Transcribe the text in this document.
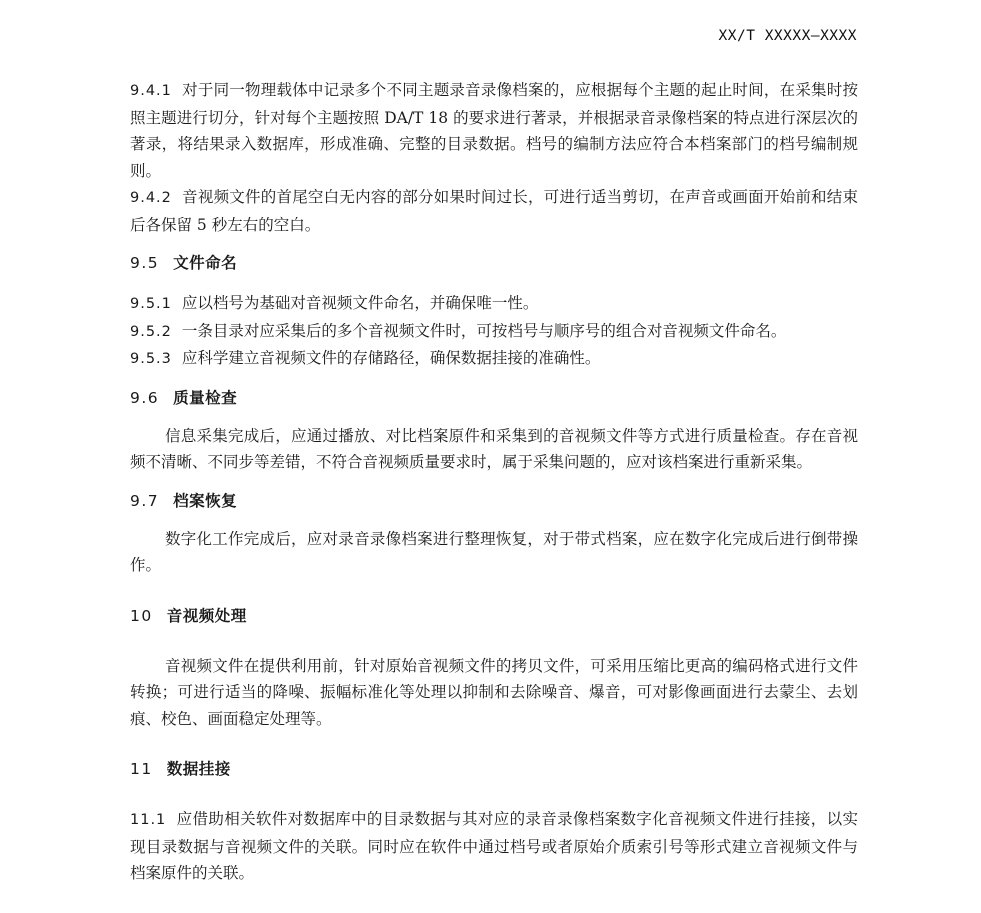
XX/T XXXXX—XXXX

9.4.1 对于同一物理载体中记录多个不同主题录音录像档案的，应根据每个主题的起止时间，在采集时按照主题进行切分，针对每个主题按照 DA/T 18 的要求进行著录，并根据录音录像档案的特点进行深层次的著录，将结果录入数据库，形成准确、完整的目录数据。档号的编制方法应符合本档案部门的档号编制规则。

9.4.2 音视频文件的首尾空白无内容的部分如果时间过长，可进行适当剪切，在声音或画面开始前和结束后各保留 5 秒左右的空白。

9.5 文件命名

9.5.1 应以档号为基础对音视频文件命名，并确保唯一性。

9.5.2 一条目录对应采集后的多个音视频文件时，可按档号与顺序号的组合对音视频文件命名。

9.5.3 应科学建立音视频文件的存储路径，确保数据挂接的准确性。

9.6 质量检查

信息采集完成后，应通过播放、对比档案原件和采集到的音视频文件等方式进行质量检查。存在音视频不清晰、不同步等差错，不符合音视频质量要求时，属于采集问题的，应对该档案进行重新采集。

9.7 档案恢复

数字化工作完成后，应对录音录像档案进行整理恢复，对于带式档案，应在数字化完成后进行倒带操作。

10 音视频处理

音视频文件在提供利用前，针对原始音视频文件的拷贝文件，可采用压缩比更高的编码格式进行文件转换；可进行适当的降噪、振幅标准化等处理以抑制和去除噪音、爆音，可对影像画面进行去蒙尘、去划痕、校色、画面稳定处理等。

11 数据挂接

11.1 应借助相关软件对数据库中的目录数据与其对应的录音录像档案数字化音视频文件进行挂接，以实现目录数据与音视频文件的关联。同时应在软件中通过档号或者原始介质索引号等形式建立音视频文件与档案原件的关联。
